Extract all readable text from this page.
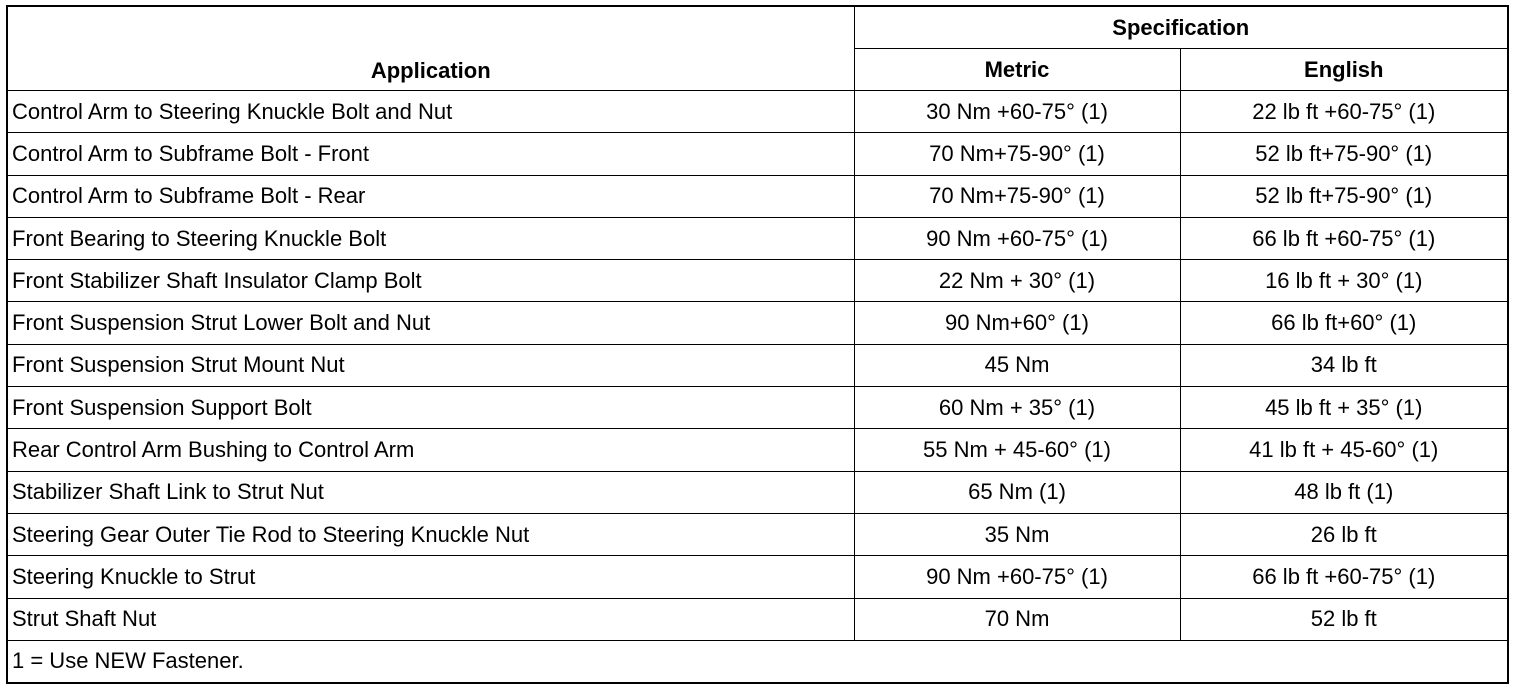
Application	Specification	
	Metric	English
Control Arm to Steering Knuckle Bolt and Nut	30 Nm +60-75° (1)	22 lb ft +60-75° (1)
Control Arm to Subframe Bolt - Front	70 Nm+75-90° (1)	52 lb ft+75-90° (1)
Control Arm to Subframe Bolt - Rear	70 Nm+75-90° (1)	52 lb ft+75-90° (1)
Front Bearing to Steering Knuckle Bolt	90 Nm +60-75° (1)	66 lb ft +60-75° (1)
Front Stabilizer Shaft Insulator Clamp Bolt	22 Nm + 30° (1)	16 lb ft + 30° (1)
Front Suspension Strut Lower Bolt and Nut	90 Nm+60° (1)	66 lb ft+60° (1)
Front Suspension Strut Mount Nut	45 Nm	34 lb ft
Front Suspension Support Bolt	60 Nm + 35° (1)	45 lb ft + 35° (1)
Rear Control Arm Bushing to Control Arm	55 Nm + 45-60° (1)	41 lb ft + 45-60° (1)
Stabilizer Shaft Link to Strut Nut	65 Nm (1)	48 lb ft (1)
Steering Gear Outer Tie Rod to Steering Knuckle Nut	35 Nm	26 lb ft
Steering Knuckle to Strut	90 Nm +60-75° (1)	66 lb ft +60-75° (1)
Strut Shaft Nut	70 Nm	52 lb ft
1 = Use NEW Fastener.		
